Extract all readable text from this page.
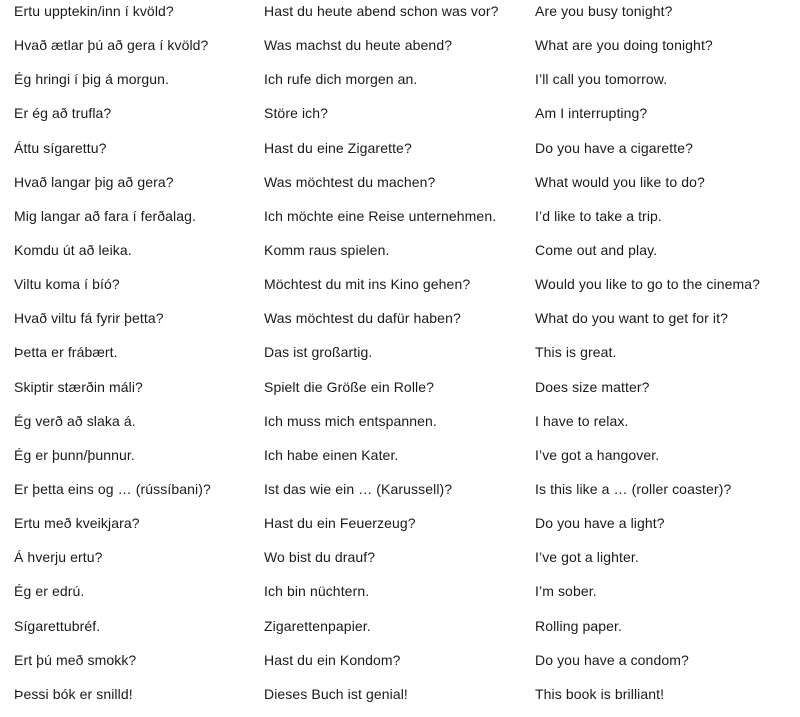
Ertu upptekin/inn í kvöld?	Hast du heute abend schon was vor?	Are you busy tonight?
Hvað ætlar þú að gera í kvöld?	Was machst du heute abend?	What are you doing tonight?
Ég hringi í þig á morgun.	Ich rufe dich morgen an.	I’ll call you tomorrow.
Er ég að trufla?	Störe ich?	Am I interrupting?
Áttu sígarettu?	Hast du eine Zigarette?	Do you have a cigarette?
Hvað langar þig að gera?	Was möchtest du machen?	What would you like to do?
Mig langar að fara í ferðalag.	Ich möchte eine Reise unternehmen.	I’d like to take a trip.
Komdu út að leika.	Komm raus spielen.	Come out and play.
Viltu koma í bíó?	Möchtest du mit ins Kino gehen?	Would you like to go to the cinema?
Hvað viltu fá fyrir þetta?	Was möchtest du dafür haben?	What do you want to get for it?
Þetta er frábært.	Das ist großartig.	This is great.
Skiptir stærðin máli?	Spielt die Größe ein Rolle?	Does size matter?
Ég verð að slaka á.	Ich muss mich entspannen.	I have to relax.
Ég er þunn/þunnur.	Ich habe einen Kater.	I’ve got a hangover.
Er þetta eins og … (rússíbani)?	Ist das wie ein … (Karussell)?	Is this like a … (roller coaster)?
Ertu með kveikjara?	Hast du ein Feuerzeug?	Do you have a light?
Á hverju ertu?	Wo bist du drauf?	I’ve got a lighter.
Ég er edrú.	Ich bin nüchtern.	I’m sober.
Sígarettubréf.	Zigarettenpapier.	Rolling paper.
Ert þú með smokk?	Hast du ein Kondom?	Do you have a condom?
Þessi bók er snilld!	Dieses Buch ist genial!	This book is brilliant!
